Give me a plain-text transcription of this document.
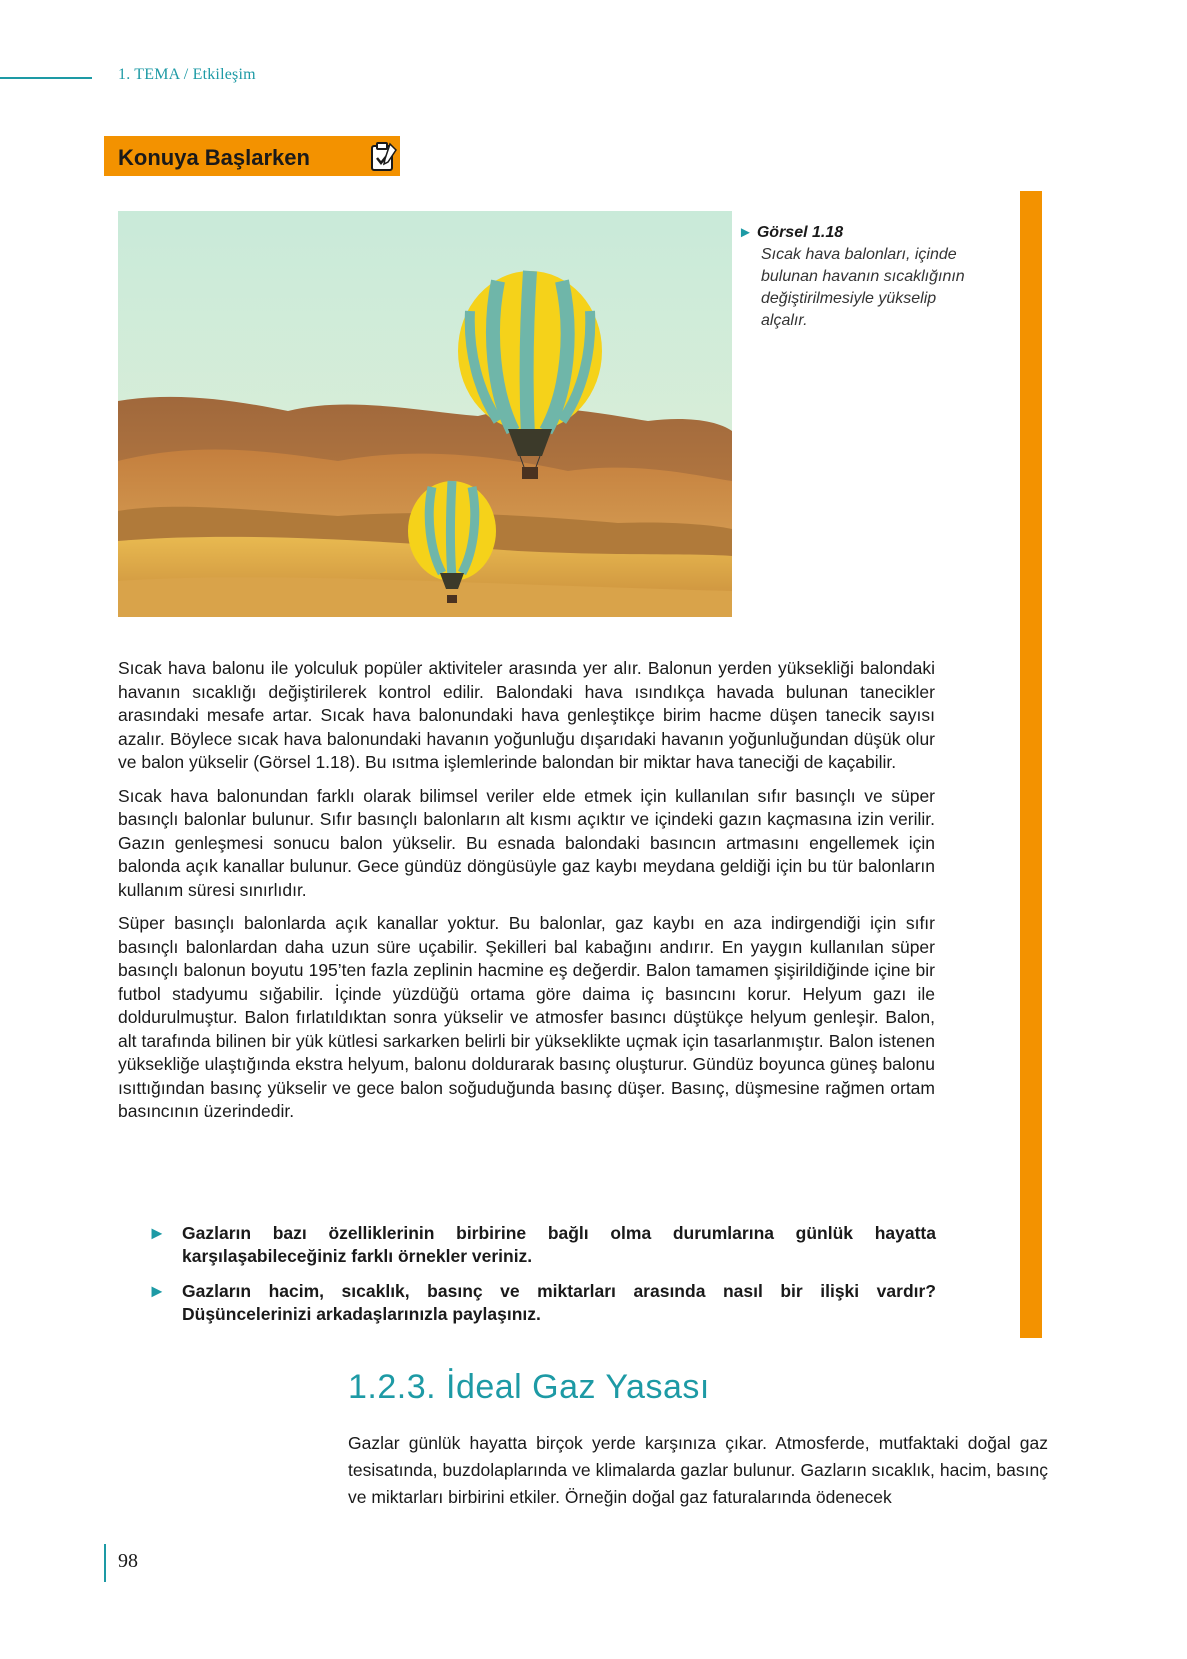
1. TEMA / Etkileşim
Konuya Başlarken
► Görsel 1.18
Sıcak hava balonları, içinde bulunan havanın sıcaklığının değiştirilmesiyle yükselip alçalır.

Sıcak hava balonu ile yolculuk popüler aktiviteler arasında yer alır. Balonun yerden yüksekliği balondaki havanın sıcaklığı değiştirilerek kontrol edilir. Balondaki hava ısındıkça havada bulunan tanecikler arasındaki mesafe artar. Sıcak hava balonundaki hava genleştikçe birim hacme düşen tanecik sayısı azalır. Böylece sıcak hava balonundaki havanın yoğunluğu dışarıdaki havanın yoğunluğundan düşük olur ve balon yükselir (Görsel 1.18). Bu ısıtma işlemlerinde balondan bir miktar hava taneciği de kaçabilir.

Sıcak hava balonundan farklı olarak bilimsel veriler elde etmek için kullanılan sıfır basınçlı ve süper basınçlı balonlar bulunur. Sıfır basınçlı balonların alt kısmı açıktır ve içindeki gazın kaçmasına izin verilir. Gazın genleşmesi sonucu balon yükselir. Bu esnada balondaki basıncın artmasını engellemek için balonda açık kanallar bulunur. Gece gündüz döngüsüyle gaz kaybı meydana geldiği için bu tür balonların kullanım süresi sınırlıdır.

Süper basınçlı balonlarda açık kanallar yoktur. Bu balonlar, gaz kaybı en aza indirgendiği için sıfır basınçlı balonlardan daha uzun süre uçabilir. Şekilleri bal kabağını andırır. En yaygın kullanılan süper basınçlı balonun boyutu 195’ten fazla zeplinin hacmine eş değerdir. Balon tamamen şişirildiğinde içine bir futbol stadyumu sığabilir. İçinde yüzdüğü ortama göre daima iç basıncını korur. Helyum gazı ile doldurulmuştur. Balon fırlatıldıktan sonra yükselir ve atmosfer basıncı düştükçe helyum genleşir. Balon, alt tarafında bilinen bir yük kütlesi sarkarken belirli bir yükseklikte uçmak için tasarlanmıştır. Balon istenen yüksekliğe ulaştığında ekstra helyum, balonu doldurarak basınç oluşturur. Gündüz boyunca güneş balonu ısıttığından basınç yükselir ve gece balon soğuduğunda basınç düşer. Basınç, düşmesine rağmen ortam basıncının üzerindedir.

► Gazların bazı özelliklerinin birbirine bağlı olma durumlarına günlük hayatta karşılaşabileceğiniz farklı örnekler veriniz.
► Gazların hacim, sıcaklık, basınç ve miktarları arasında nasıl bir ilişki vardır? Düşüncelerinizi arkadaşlarınızla paylaşınız.
1.2.3. İdeal Gaz Yasası
Gazlar günlük hayatta birçok yerde karşınıza çıkar. Atmosferde, mutfaktaki doğal gaz tesisatında, buzdolaplarında ve klimalarda gazlar bulunur. Gazların sıcaklık, hacim, basınç ve miktarları birbirini etkiler. Örneğin doğal gaz faturalarında ödenecek
98
